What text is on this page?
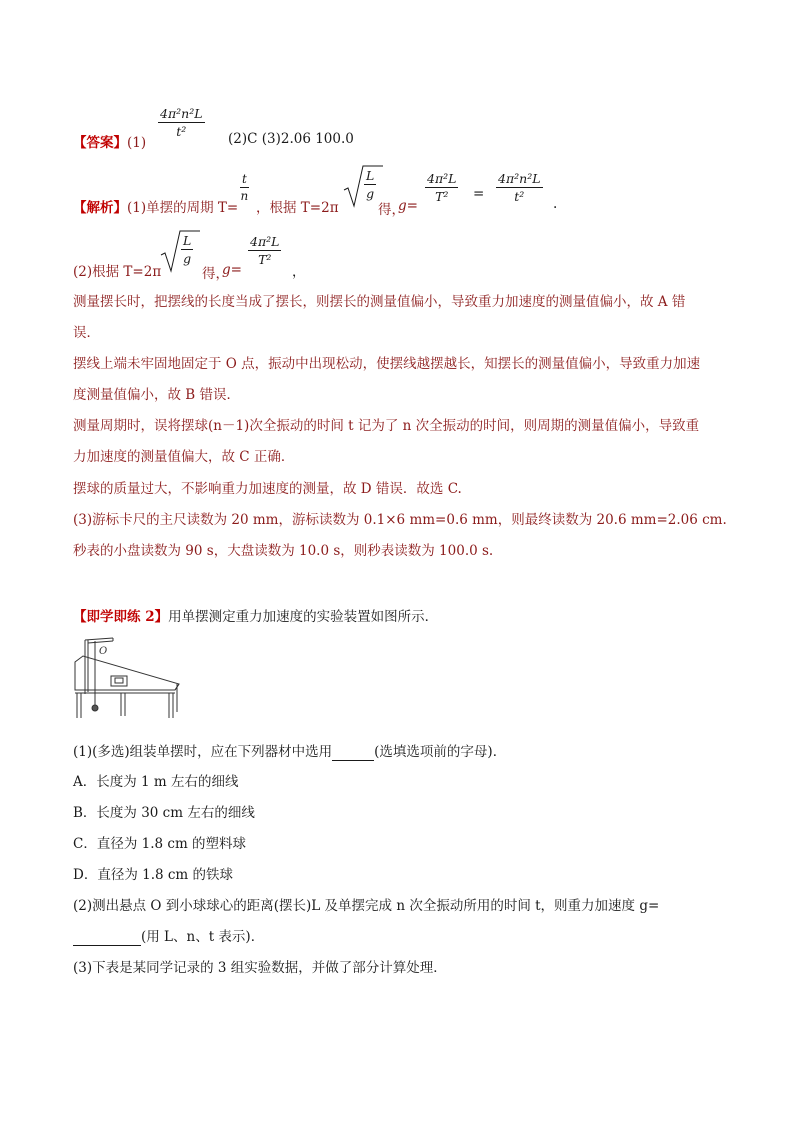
【答案】(1)
$\frac{\text{4π²n²L}}{\text{t²}} (2)C$ (3)2.06 100.0
【解析】(1)单摆的周期 T=
$\frac{t}{n}$
，根据 T=2π
$\frac{L}{g}$
得，
g=
$\frac{\text{4π²L}}{\text{T²}} = \frac{\text{4π²n²L}}{\text{t²}}$ .
(2)根据 T=2π
$\frac{L}{g}$
得，
g=
$\frac{\text{4π²L}}{\text{T²}}$
，
测量摆长时，把摆线的长度当成了摆长，则摆长的测量值偏小，导致重力加速度的测量值偏小，故 A 错
误．
摆线上端未牢固地固定于 O 点，振动中出现松动，使摆线越摆越长，知摆长的测量值偏小，导致重力加速
度测量值偏小，故 B 错误．
测量周期时，误将摆球(n－1)次全振动的时间 t 记为了 n 次全振动的时间，则周期的测量值偏小，导致重
力加速度的测量值偏大，故 C 正确．
摆球的质量过大，不影响重力加速度的测量，故 D 错误．故选 C.
(3)游标卡尺的主尺读数为 20 mm，游标读数为 0.1×6 mm=0.6 mm，则最终读数为 20.6 mm=2.06 cm.
秒表的小盘读数为 90 s，大盘读数为 10.0 s，则秒表读数为 100.0 s.
【即学即练 2】用单摆测定重力加速度的实验装置如图所示．
O
(1)(多选)组装单摆时，应在下列器材中选用	(选填选项前的字母)．
A．长度为 1 m 左右的细线
B．长度为 30 cm 左右的细线
C．直径为 1.8 cm 的塑料球
D．直径为 1.8 cm 的铁球
(2)测出悬点 O 到小球球心的距离(摆长)L 及单摆完成 n 次全振动所用的时间 t，则重力加速度 g=
(用 L、n、t 表示)．
(3)下表是某同学记录的 3 组实验数据，并做了部分计算处理．
